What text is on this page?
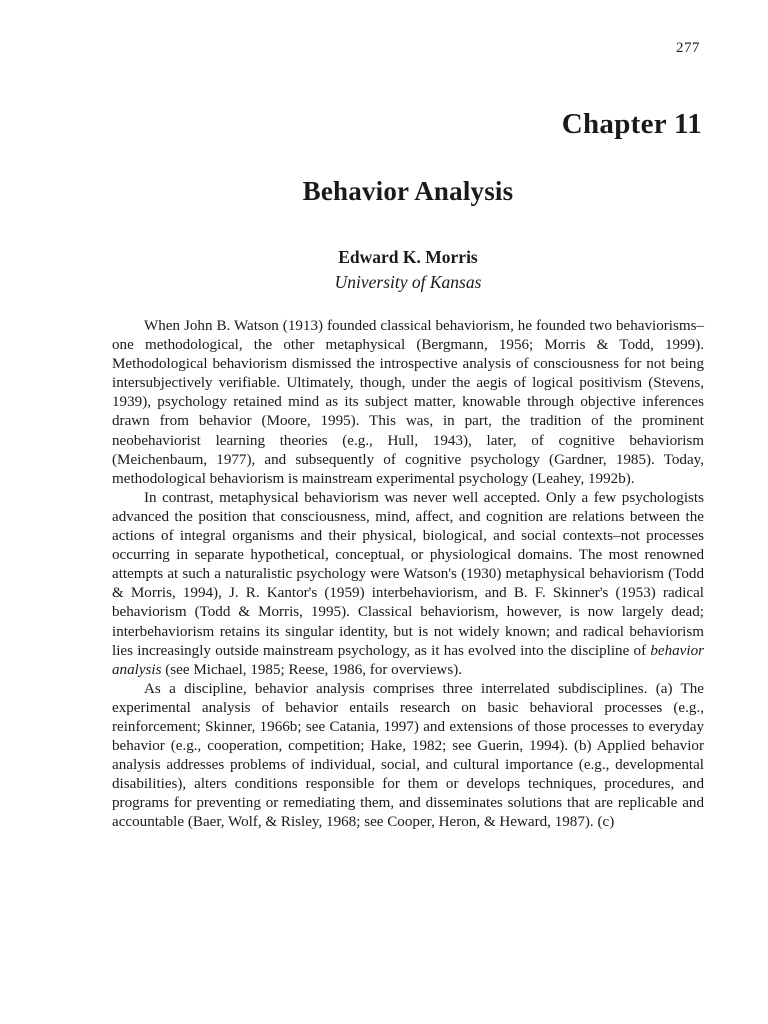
277
Chapter 11
Behavior Analysis
Edward K. Morris
University of Kansas

When John B. Watson (1913) founded classical behaviorism, he founded two behaviorisms–one methodological, the other metaphysical (Bergmann, 1956; Morris & Todd, 1999). Methodological behaviorism dismissed the introspective analysis of consciousness for not being intersubjectively verifiable. Ultimately, though, under the aegis of logical positivism (Stevens, 1939), psychology retained mind as its subject matter, knowable through objective inferences drawn from behavior (Moore, 1995). This was, in part, the tradition of the prominent neobehaviorist learning theories (e.g., Hull, 1943), later, of cognitive behaviorism (Meichenbaum, 1977), and subsequently of cognitive psychology (Gardner, 1985). Today, methodological behaviorism is mainstream experimental psychology (Leahey, 1992b).

In contrast, metaphysical behaviorism was never well accepted. Only a few psychologists advanced the position that consciousness, mind, affect, and cognition are relations between the actions of integral organisms and their physical, biological, and social contexts–not processes occurring in separate hypothetical, conceptual, or physiological domains. The most renowned attempts at such a naturalistic psychology were Watson's (1930) metaphysical behaviorism (Todd & Morris, 1994), J. R. Kantor's (1959) interbehaviorism, and B. F. Skinner's (1953) radical behaviorism (Todd & Morris, 1995). Classical behaviorism, however, is now largely dead; interbehaviorism retains its singular identity, but is not widely known; and radical behaviorism lies increasingly outside mainstream psychology, as it has evolved into the discipline of behavior analysis (see Michael, 1985; Reese, 1986, for overviews).

As a discipline, behavior analysis comprises three interrelated subdisciplines. (a) The experimental analysis of behavior entails research on basic behavioral processes (e.g., reinforcement; Skinner, 1966b; see Catania, 1997) and extensions of those processes to everyday behavior (e.g., cooperation, competition; Hake, 1982; see Guerin, 1994). (b) Applied behavior analysis addresses problems of individual, social, and cultural importance (e.g., developmental disabilities), alters conditions responsible for them or develops techniques, procedures, and programs for preventing or remediating them, and disseminates solutions that are replicable and accountable (Baer, Wolf, & Risley, 1968; see Cooper, Heron, & Heward, 1987). (c)
